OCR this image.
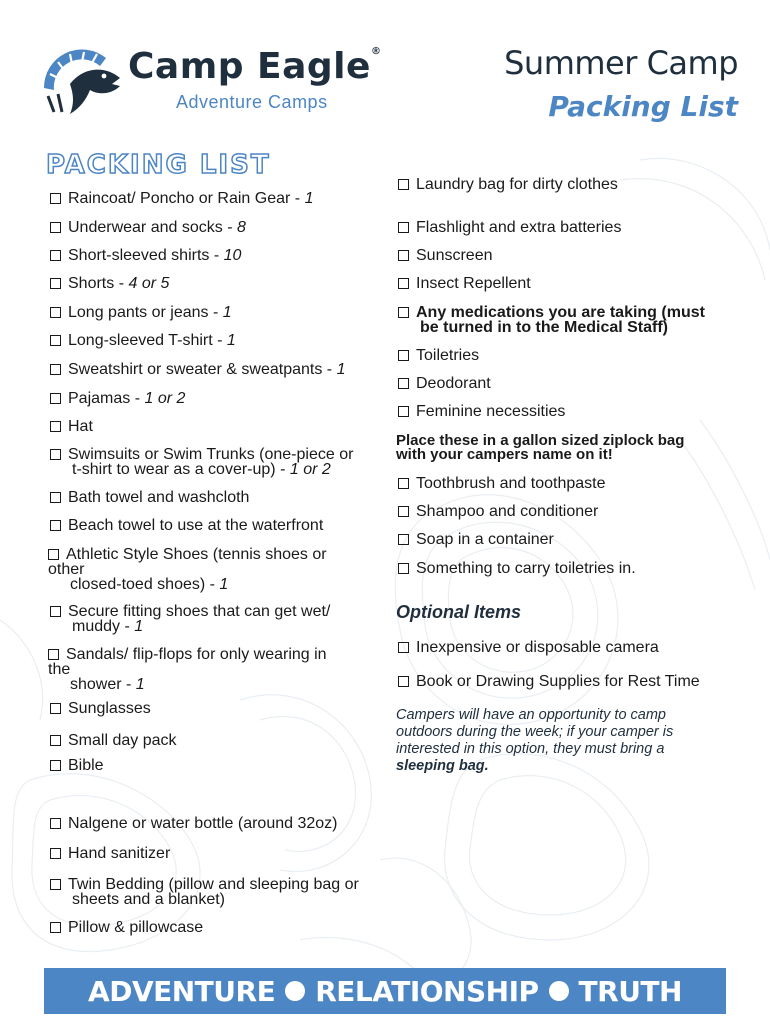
Camp Eagle®
Adventure Camps
Summer Camp
Packing List
PACKING LIST
Raincoat/ Poncho or Rain Gear - 1
Underwear and socks - 8
Short-sleeved shirts - 10
Shorts - 4 or 5
Long pants or jeans - 1
Long-sleeved T-shirt - 1
Sweatshirt or sweater & sweatpants - 1
Pajamas - 1 or 2
Hat
Swimsuits or Swim Trunks (one-piece or
t-shirt to wear as a cover-up) - 1 or 2
Bath towel and washcloth
Beach towel to use at the waterfront
Athletic Style Shoes (tennis shoes or
other
closed-toed shoes) - 1
Secure fitting shoes that can get wet/
muddy - 1
Sandals/ flip-flops for only wearing in
the
shower - 1
Sunglasses
Small day pack
Bible
Nalgene or water bottle (around 32oz)
Hand sanitizer
Twin Bedding (pillow and sleeping bag or
sheets and a blanket)
Pillow & pillowcase
Laundry bag for dirty clothes
Flashlight and extra batteries
Sunscreen
Insect Repellent
Any medications you are taking (must
be turned in to the Medical Staff)
Toiletries
Deodorant
Feminine necessities
Place these in a gallon sized ziplock bag
with your campers name on it!
Toothbrush and toothpaste
Shampoo and conditioner
Soap in a container
Something to carry toiletries in.
Optional Items
Inexpensive or disposable camera
Book or Drawing Supplies for Rest Time
Campers will have an opportunity to camp
outdoors during the week; if your camper is
interested in this option, they must bring a
sleeping bag.
ADVENTURE RELATIONSHIP TRUTH
